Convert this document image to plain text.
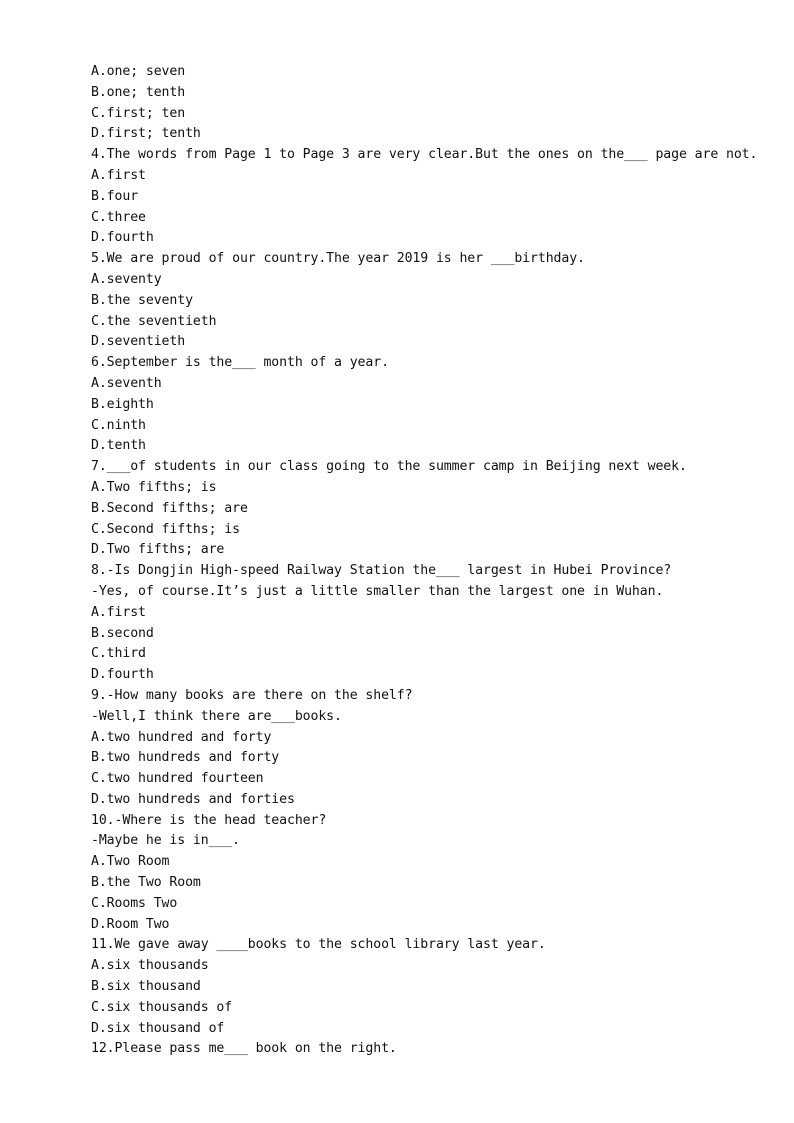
A.one; seven
B.one; tenth
C.first; ten
D.first; tenth
4.The words from Page 1 to Page 3 are very clear.But the ones on the___ page are not.
A.first
B.four
C.three
D.fourth
5.We are proud of our country.The year 2019 is her ___birthday.
A.seventy
B.the seventy
C.the seventieth
D.seventieth
6.September is the___ month of a year.
A.seventh
B.eighth
C.ninth
D.tenth
7.___of students in our class going to the summer camp in Beijing next week.
A.Two fifths; is
B.Second fifths; are
C.Second fifths; is
D.Two fifths; are
8.-Is Dongjin High-speed Railway Station the___ largest in Hubei Province?
-Yes, of course.It’s just a little smaller than the largest one in Wuhan.
A.first
B.second
C.third
D.fourth
9.-How many books are there on the shelf?
-Well,I think there are___books.
A.two hundred and forty
B.two hundreds and forty
C.two hundred fourteen
D.two hundreds and forties
10.-Where is the head teacher?
-Maybe he is in___.
A.Two Room
B.the Two Room
C.Rooms Two
D.Room Two
11.We gave away ____books to the school library last year.
A.six thousands
B.six thousand
C.six thousands of
D.six thousand of
12.Please pass me___ book on the right.
